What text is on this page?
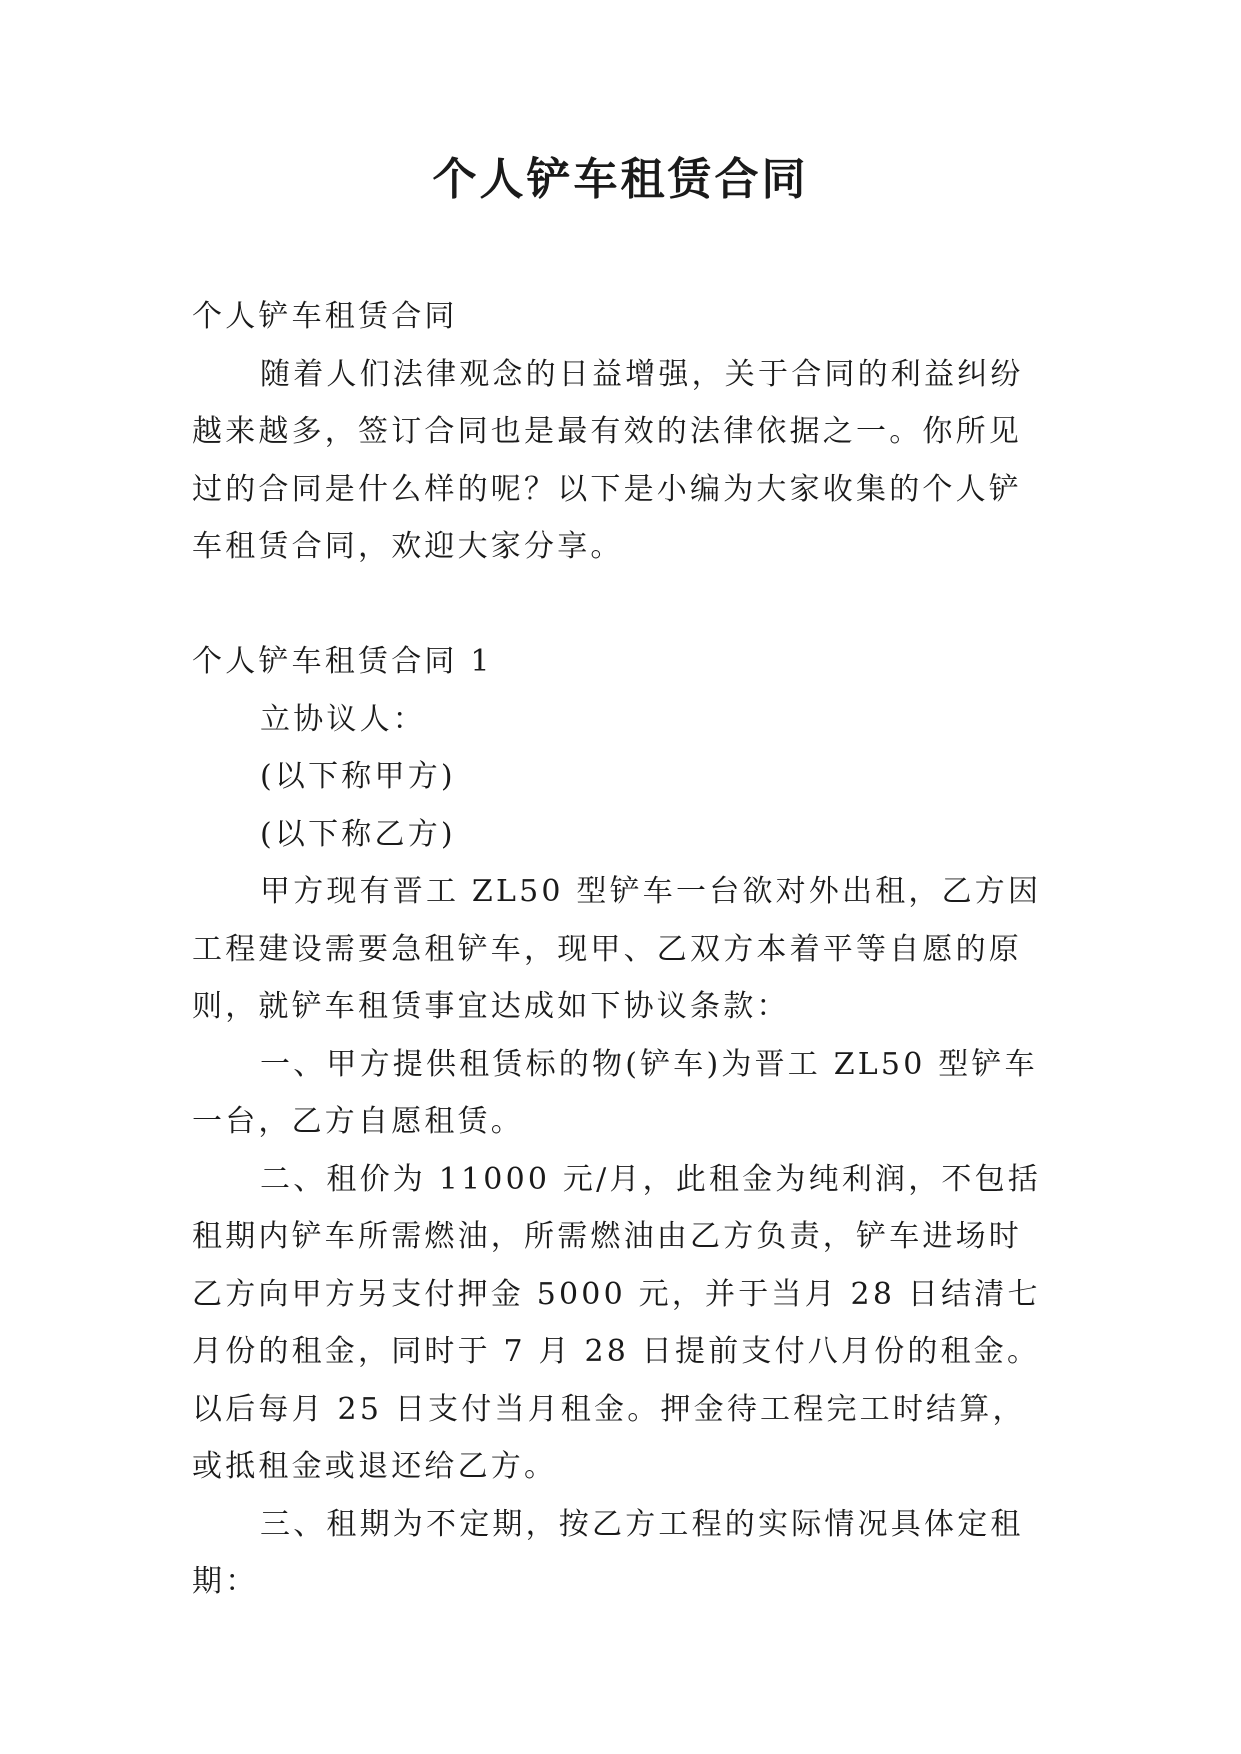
个人铲车租赁合同

个人铲车租赁合同

随着人们法律观念的日益增强，关于合同的利益纠纷越来越多，签订合同也是最有效的法律依据之一。你所见过的合同是什么样的呢？以下是小编为大家收集的个人铲车租赁合同，欢迎大家分享。

个人铲车租赁合同 1

立协议人：

(以下称甲方)

(以下称乙方)

甲方现有晋工 ZL50 型铲车一台欲对外出租，乙方因工程建设需要急租铲车，现甲、乙双方本着平等自愿的原则，就铲车租赁事宜达成如下协议条款：

一、甲方提供租赁标的物(铲车)为晋工 ZL50 型铲车一台，乙方自愿租赁。

二、租价为 11000 元/月，此租金为纯利润，不包括租期内铲车所需燃油，所需燃油由乙方负责，铲车进场时乙方向甲方另支付押金 5000 元，并于当月 28 日结清七月份的租金，同时于 7 月 28 日提前支付八月份的租金。以后每月 25 日支付当月租金。押金待工程完工时结算，或抵租金或退还给乙方。

三、租期为不定期，按乙方工程的实际情况具体定租期：
